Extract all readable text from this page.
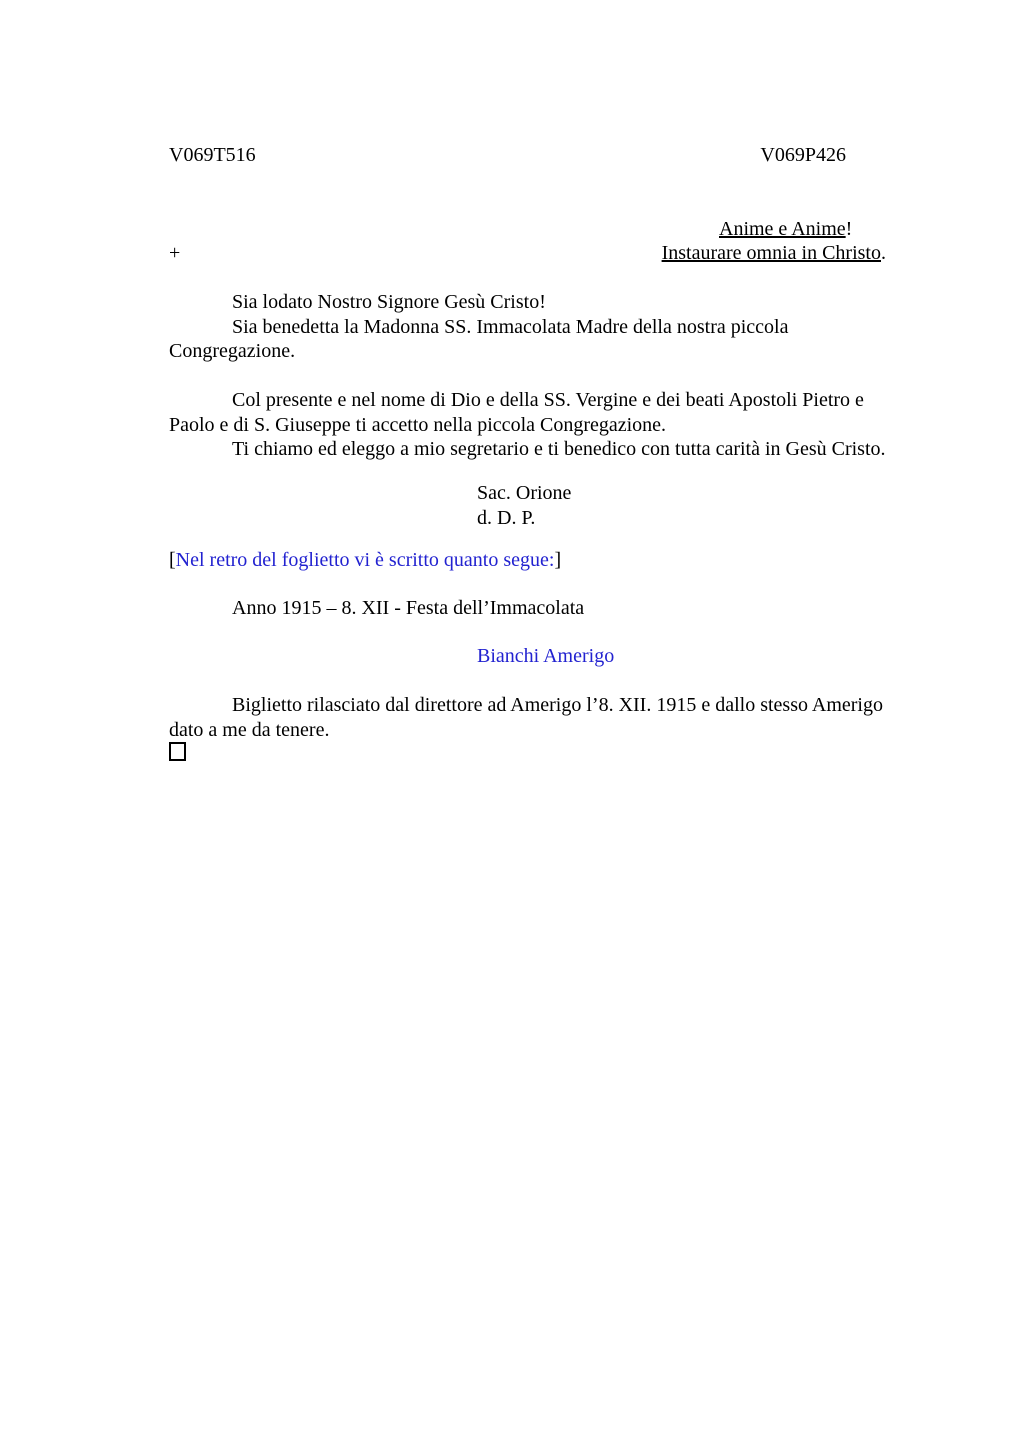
V069T516	V069P426
Anime e Anime!
+	Instaurare omnia in Christo.
Sia lodato Nostro Signore Gesù Cristo!
Sia benedetta la Madonna SS. Immacolata Madre della nostra piccola
Congregazione.
Col presente e nel nome di Dio e della SS. Vergine e dei beati Apostoli Pietro e
Paolo e di S. Giuseppe ti accetto nella piccola Congregazione.
Ti chiamo ed eleggo a mio segretario e ti benedico con tutta carità in Gesù Cristo.
Sac. Orione
d. D. P.
[Nel retro del foglietto vi è scritto quanto segue:]
Anno 1915 – 8. XII - Festa dell’Immacolata
Bianchi Amerigo
Biglietto rilasciato dal direttore ad Amerigo l’8. XII. 1915 e dallo stesso Amerigo
dato a me da tenere.
